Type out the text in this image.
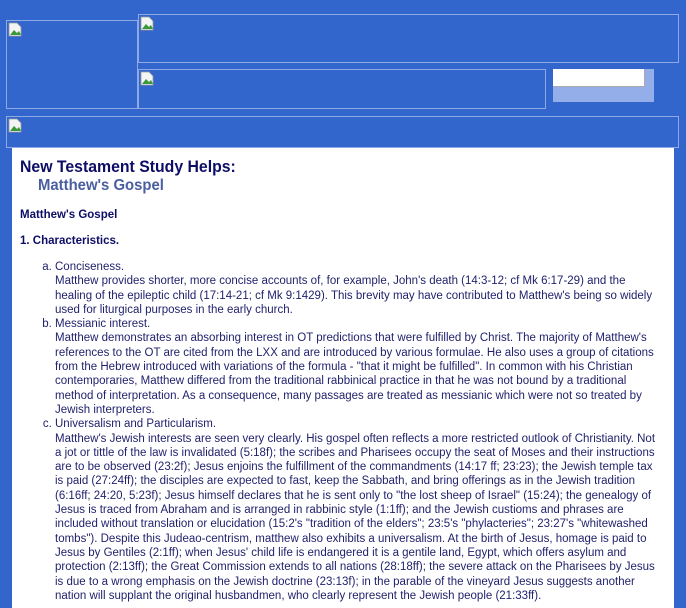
New Testament Study Helps:
Matthew's Gospel

Matthew's Gospel

1. Characteristics.

a. Conciseness.

Matthew provides shorter, more concise accounts of, for example, John's death (14:3-12; cf Mk 6:17-29) and the healing of the epileptic child (17:14-21; cf Mk 9:1429). This brevity may have contributed to Matthew's being so widely used for liturgical purposes in the early church.

b. Messianic interest.

Matthew demonstrates an absorbing interest in OT predictions that were fulfilled by Christ. The majority of Matthew's references to the OT are cited from the LXX and are introduced by various formulae. He also uses a group of citations from the Hebrew introduced with variations of the formula - "that it might be fulfilled". In common with his Christian contemporaries, Matthew differed from the traditional rabbinical practice in that he was not bound by a traditional method of interpretation. As a consequence, many passages are treated as messianic which were not so treated by Jewish interpreters.

c. Universalism and Particularism.

Matthew's Jewish interests are seen very clearly. His gospel often reflects a more restricted outlook of Christianity. Not a jot or tittle of the law is invalidated (5:18f); the scribes and Pharisees occupy the seat of Moses and their instructions are to be observed (23:2f); Jesus enjoins the fulfillment of the commandments (14:17 ff; 23:23); the Jewish temple tax is paid (27:24ff); the disciples are expected to fast, keep the Sabbath, and bring offerings as in the Jewish tradition (6:16ff; 24:20, 5:23f); Jesus himself declares that he is sent only to "the lost sheep of Israel" (15:24); the genealogy of Jesus is traced from Abraham and is arranged in rabbinic style (1:1ff); and the Jewish custioms and phrases are included without translation or elucidation (15:2's "tradition of the elders"; 23:5's "phylacteries"; 23:27's "whitewashed tombs"). Despite this Judeao-centrism, matthew also exhibits a universalism. At the birth of Jesus, homage is paid to Jesus by Gentiles (2:1ff); when Jesus' child life is endangered it is a gentile land, Egypt, which offers asylum and protection (2:13ff); the Great Commission extends to all nations (28:18ff); the severe attack on the Pharisees by Jesus is due to a wrong emphasis on the Jewish doctrine (23:13f); in the parable of the vineyard Jesus suggests another nation will supplant the original husbandmen, who clearly represent the Jewish people (21:33ff).
